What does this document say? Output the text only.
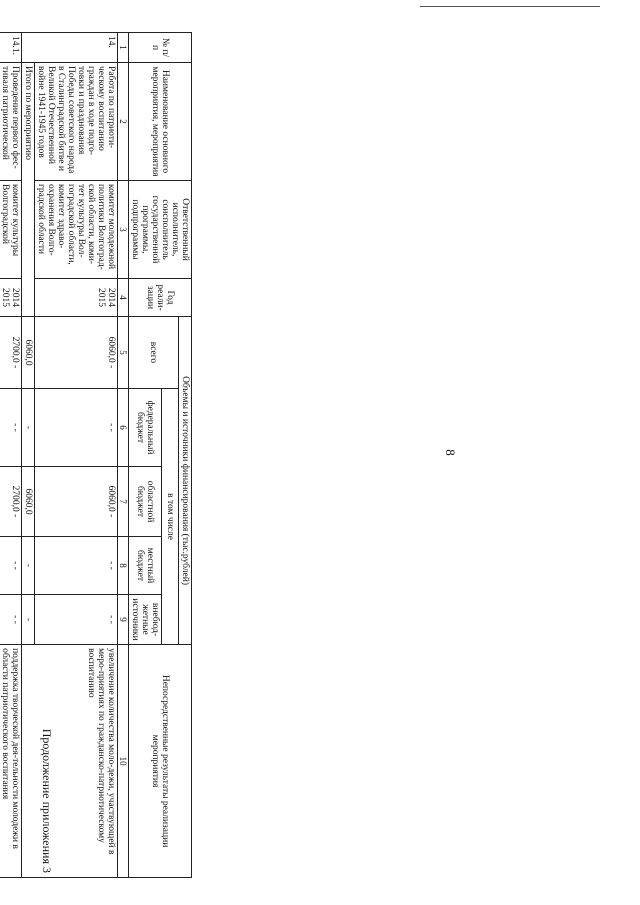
8
Продолжение приложения 3
№ п/п	Наименование основного мероприятия, мероприятия	Ответственный исполнитель, соисполнитель государственной программы, подпрограммы	Год реали-зации	Объемы и источники финансирования (тыс.рублей)					Непосредственные результаты реализации мероприятия
				всего	в том числе				
					федеральный бюджет	областной бюджет	местный бюджет	внебюд-жетные источники	
1	2	3	4	5	6	7	8	9	10
14.	Работа по патриоти-ческому воспитанию граждан в ходе подго-товки и празднования Победы советского народа в Сталинградской битве и Великой Отечественной войне 1941-1945 годов	комитет молодежной политики Волгоград-ской области, коми-тет культуры Вол-гоградской области, комитет здраво-охранения Волго-градской области	2014 2015	6060,0 -	- -	6060,0 -	- -	- -	увеличение количества моло-дежи, участвующей в меро-приятиях по гражданско-патриотическому воспитанию
	Итого по мероприятию			6060,0	-	6060,0	-	-	
14.1.	Проведение первого фес-тиваля патриотической	комитет культуры Волгоградской	2014 2015	2700,0 -	- -	2700,0 -	- -	- -	поддержка творческой дея-тельности молодежи в области патриотического воспитания
